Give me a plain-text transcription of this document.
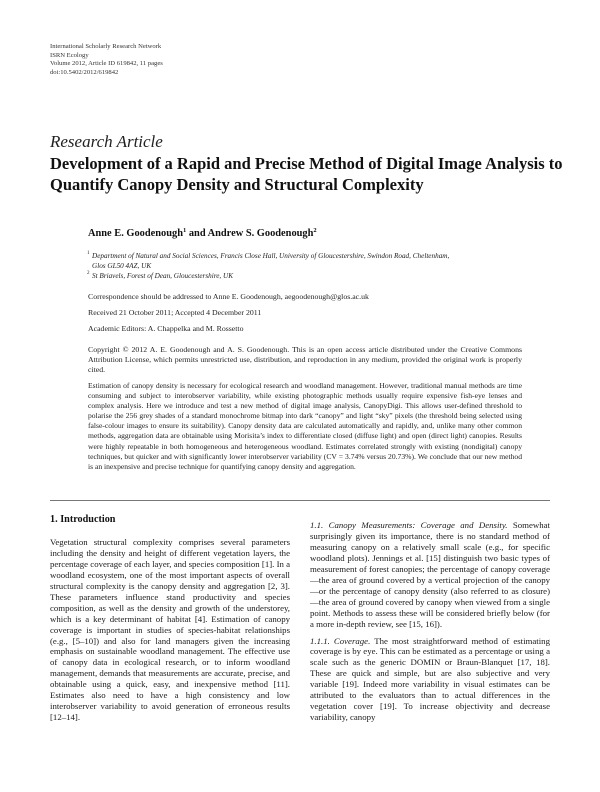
International Scholarly Research Network
ISRN Ecology
Volume 2012, Article ID 619842, 11 pages
doi:10.5402/2012/619842
Research Article
Development of a Rapid and Precise Method of Digital Image Analysis to Quantify Canopy Density and Structural Complexity
Anne E. Goodenough$^1$ and Andrew S. Goodenough$^2$
1 Department of Natural and Social Sciences, Francis Close Hall, University of Gloucestershire, Swindon Road, Cheltenham,
Glos GL50 4AZ, UK
2 St Briavels, Forest of Dean, Gloucestershire, UK
Correspondence should be addressed to Anne E. Goodenough, aegoodenough@glos.ac.uk
Received 21 October 2011; Accepted 4 December 2011
Academic Editors: A. Chappelka and M. Rossetto
Copyright © 2012 A. E. Goodenough and A. S. Goodenough. This is an open access article distributed under the Creative Commons Attribution License, which permits unrestricted use, distribution, and reproduction in any medium, provided the original work is properly cited.
Estimation of canopy density is necessary for ecological research and woodland management. However, traditional manual methods are time consuming and subject to interobserver variability, while existing photographic methods usually require expensive fish-eye lenses and complex analysis. Here we introduce and test a new method of digital image analysis, CanopyDigi. This allows user-defined threshold to polarise the 256 grey shades of a standard monochrome bitmap into dark “canopy” and light “sky” pixels (the threshold being selected using false-colour images to ensure its suitability). Canopy density data are calculated automatically and rapidly, and, unlike many other common methods, aggregation data are obtainable using Morisita’s index to differentiate closed (diffuse light) and open (direct light) canopies. Results were highly repeatable in both homogeneous and heterogeneous woodland. Estimates correlated strongly with existing (nondigital) canopy techniques, but quicker and with significantly lower interobserver variability (CV = 3.74% versus 20.73%). We conclude that our new method is an inexpensive and precise technique for quantifying canopy density and aggregation.
1. Introduction

Vegetation structural complexity comprises several parameters including the density and height of different vegetation layers, the percentage coverage of each layer, and species composition [1]. In a woodland ecosystem, one of the most important aspects of overall structural complexity is the canopy density and aggregation [2, 3]. These parameters influence stand productivity and species composition, as well as the density and growth of the understorey, which is a key determinant of habitat [4]. Estimation of canopy coverage is important in studies of species-habitat relationships (e.g., [5–10]) and also for land managers given the increasing emphasis on sustainable woodland management. The effective use of canopy data in ecological research, or to inform woodland management, demands that measurements are accurate, precise, and obtainable using a quick, easy, and inexpensive method [11]. Estimates also need to have a high consistency and low interobserver variability to avoid generation of erroneous results [12–14].

1.1. Canopy Measurements: Coverage and Density. Somewhat surprisingly given its importance, there is no standard method of measuring canopy on a relatively small scale (e.g., for specific woodland plots). Jennings et al. [15] distinguish two basic types of measurement of forest canopies; the percentage of canopy coverage—the area of ground covered by a vertical projection of the canopy—or the percentage of canopy density (also referred to as closure)—the area of ground covered by canopy when viewed from a single point. Methods to assess these will be considered briefly below (for a more in-depth review, see [15, 16]).

1.1.1. Coverage. The most straightforward method of estimating coverage is by eye. This can be estimated as a percentage or using a scale such as the generic DOMIN or Braun-Blanquet [17, 18]. These are quick and simple, but are also subjective and very variable [19]. Indeed more variability in visual estimates can be attributed to the evaluators than to actual differences in the vegetation cover [19]. To increase objectivity and decrease variability, canopy
